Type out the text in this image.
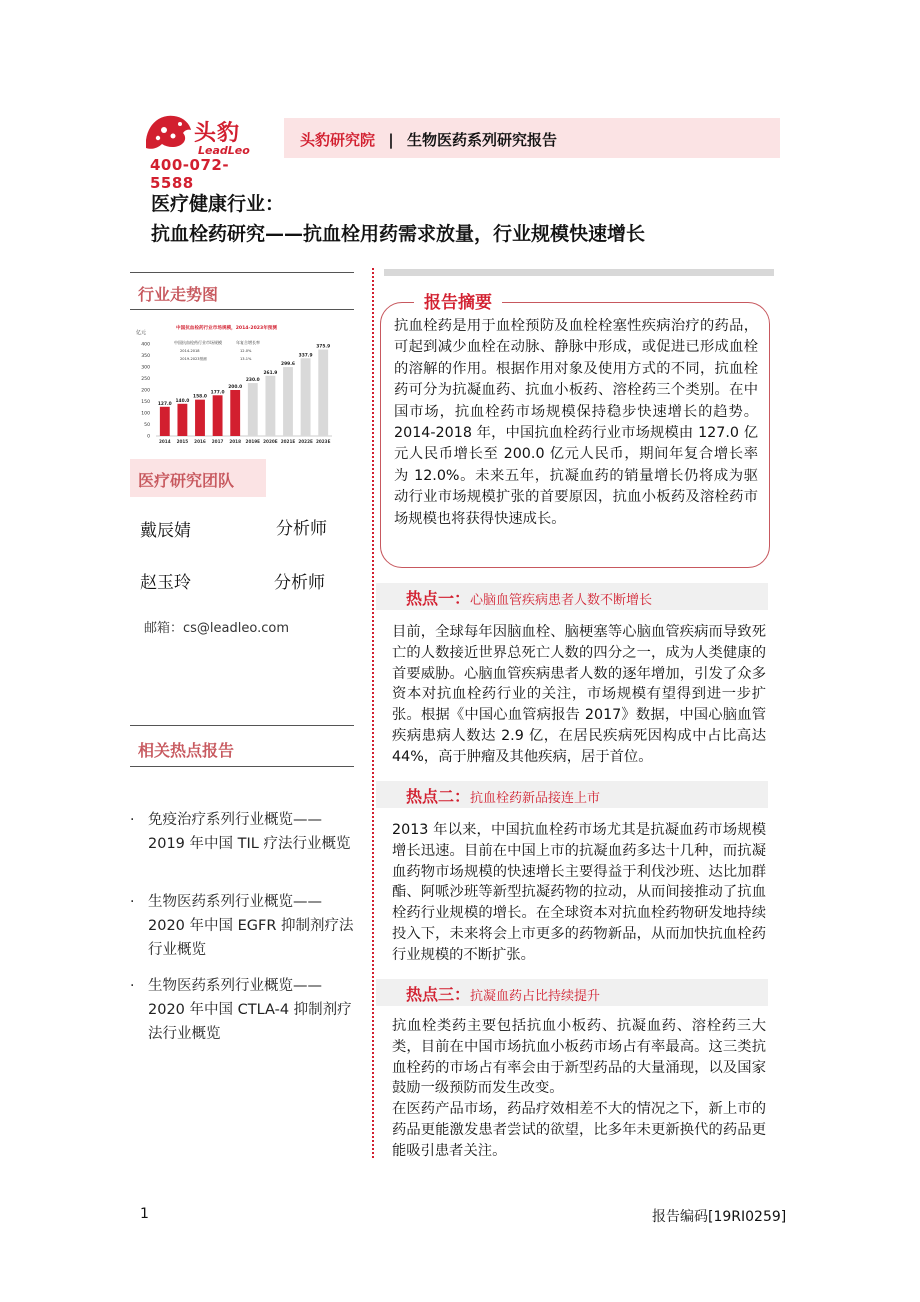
头豹
LeadLeo
400-072-5588
头豹研究院 | 生物医药系列研究报告
医疗健康行业：
抗血栓药研究——抗血栓用药需求放量，行业规模快速增长
行业走势图
中国抗血栓药行业市场规模，2014-2023年预测
亿元
中国抗血栓药行业市场规模	年复合增长率
2014-2018	12.0%
2019-2023预测	13.1%
0
50
100
150
200
250
300
350
400
127.0
2014
140.0
2015
158.0
2016
177.0
2017
200.0
2018
230.0
2019E
261.9
2020E
299.6
2021E
337.9
2022E
375.9
2023E
医疗研究团队
戴辰婧	分析师
赵玉玲	分析师
邮箱：cs@leadleo.com
相关热点报告
· 免疫治疗系列行业概览——2019 年中国 TIL 疗法行业概览
· 生物医药系列行业概览——2020 年中国 EGFR 抑制剂疗法行业概览
· 生物医药系列行业概览——2020 年中国 CTLA-4 抑制剂疗法行业概览
报告摘要
抗血栓药是用于血栓预防及血栓栓塞性疾病治疗的药品，可起到减少血栓在动脉、静脉中形成，或促进已形成血栓的溶解的作用。根据作用对象及使用方式的不同，抗血栓药可分为抗凝血药、抗血小板药、溶栓药三个类别。在中国市场，抗血栓药市场规模保持稳步快速增长的趋势。2014-2018 年，中国抗血栓药行业市场规模由 127.0 亿元人民币增长至 200.0 亿元人民币，期间年复合增长率为 12.0%。未来五年，抗凝血药的销量增长仍将成为驱动行业市场规模扩张的首要原因，抗血小板药及溶栓药市场规模也将获得快速成长。
热点一：心脑血管疾病患者人数不断增长
目前，全球每年因脑血栓、脑梗塞等心脑血管疾病而导致死亡的人数接近世界总死亡人数的四分之一，成为人类健康的首要威胁。心脑血管疾病患者人数的逐年增加，引发了众多资本对抗血栓药行业的关注，市场规模有望得到进一步扩张。根据《中国心血管病报告 2017》数据，中国心脑血管疾病患病人数达 2.9 亿，在居民疾病死因构成中占比高达 44%，高于肿瘤及其他疾病，居于首位。
热点二：抗血栓药新品接连上市
2013 年以来，中国抗血栓药市场尤其是抗凝血药市场规模增长迅速。目前在中国上市的抗凝血药多达十几种，而抗凝血药物市场规模的快速增长主要得益于利伐沙班、达比加群酯、阿哌沙班等新型抗凝药物的拉动，从而间接推动了抗血栓药行业规模的增长。在全球资本对抗血栓药物研发地持续投入下，未来将会上市更多的药物新品，从而加快抗血栓药行业规模的不断扩张。
热点三：抗凝血药占比持续提升
抗血栓类药主要包括抗血小板药、抗凝血药、溶栓药三大类，目前在中国市场抗血小板药市场占有率最高。这三类抗血栓药的市场占有率会由于新型药品的大量涌现，以及国家鼓励一级预防而发生改变。
在医药产品市场，药品疗效相差不大的情况之下，新上市的药品更能激发患者尝试的欲望，比多年未更新换代的药品更能吸引患者关注。
1	报告编码[19RI0259]
